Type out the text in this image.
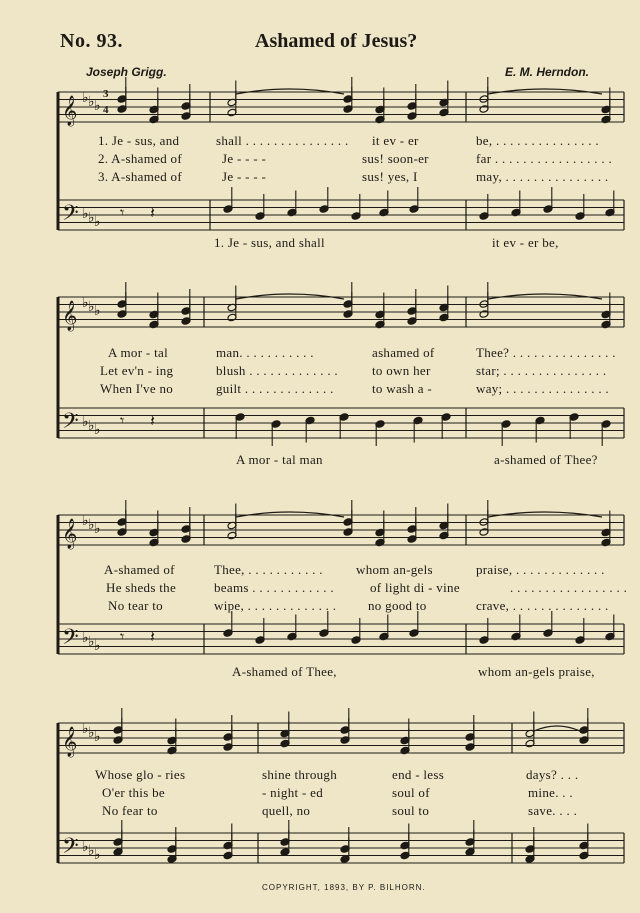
No. 93.	Ashamed of Jesus?
Joseph Grigg.	E. M. Herndon.
𝄞
𝄢
♭ ♭ ♭
♭ ♭ ♭
𝄾 𝄽
𝄞
𝄢
♭ ♭ ♭
♭ ♭ ♭
𝄾 𝄽
𝄞
𝄢
♭ ♭ ♭
♭ ♭ ♭
𝄾 𝄽
𝄞
𝄢
♭ ♭ ♭
♭ ♭ ♭
3
4
1. Je - sus, and	shall . . . . . . . . . . . . . . . it ev - er	be, . . . . . . . . . . . . . . .
2. A-shamed of	Je - - - -	sus! soon-er	far . . . . . . . . . . . . . . . . .
3. A-shamed of	Je - - - -	sus! yes, I	may, . . . . . . . . . . . . . . .
1. Je - sus, and shall	it ev - er be,
A mor - tal	man. . . . . . . . . . .	ashamed of	Thee? . . . . . . . . . . . . . . .
Let ev'n - ing	blush . . . . . . . . . . . . .	to own her	star; . . . . . . . . . . . . . . .
When I've no	guilt . . . . . . . . . . . . .	to wash a -	way; . . . . . . . . . . . . . . .
A mor - tal man	a-shamed of Thee?
A-shamed of	Thee, . . . . . . . . . . .	whom an-gels	praise, . . . . . . . . . . . . .
He sheds the	beams . . . . . . . . . . . .	of light di - vine	. . . . . . . . . . . . . . . . .
No tear to	wipe, . . . . . . . . . . . . . no good to	crave, . . . . . . . . . . . . . .
A-shamed of Thee,	whom an-gels praise,
Whose glo - ries	shine through	end - less	days? . . .
O'er this be	- night - ed	soul of	mine. . .
No fear to	quell, no	soul to	save. . . .
COPYRIGHT, 1893, BY P. BILHORN.
